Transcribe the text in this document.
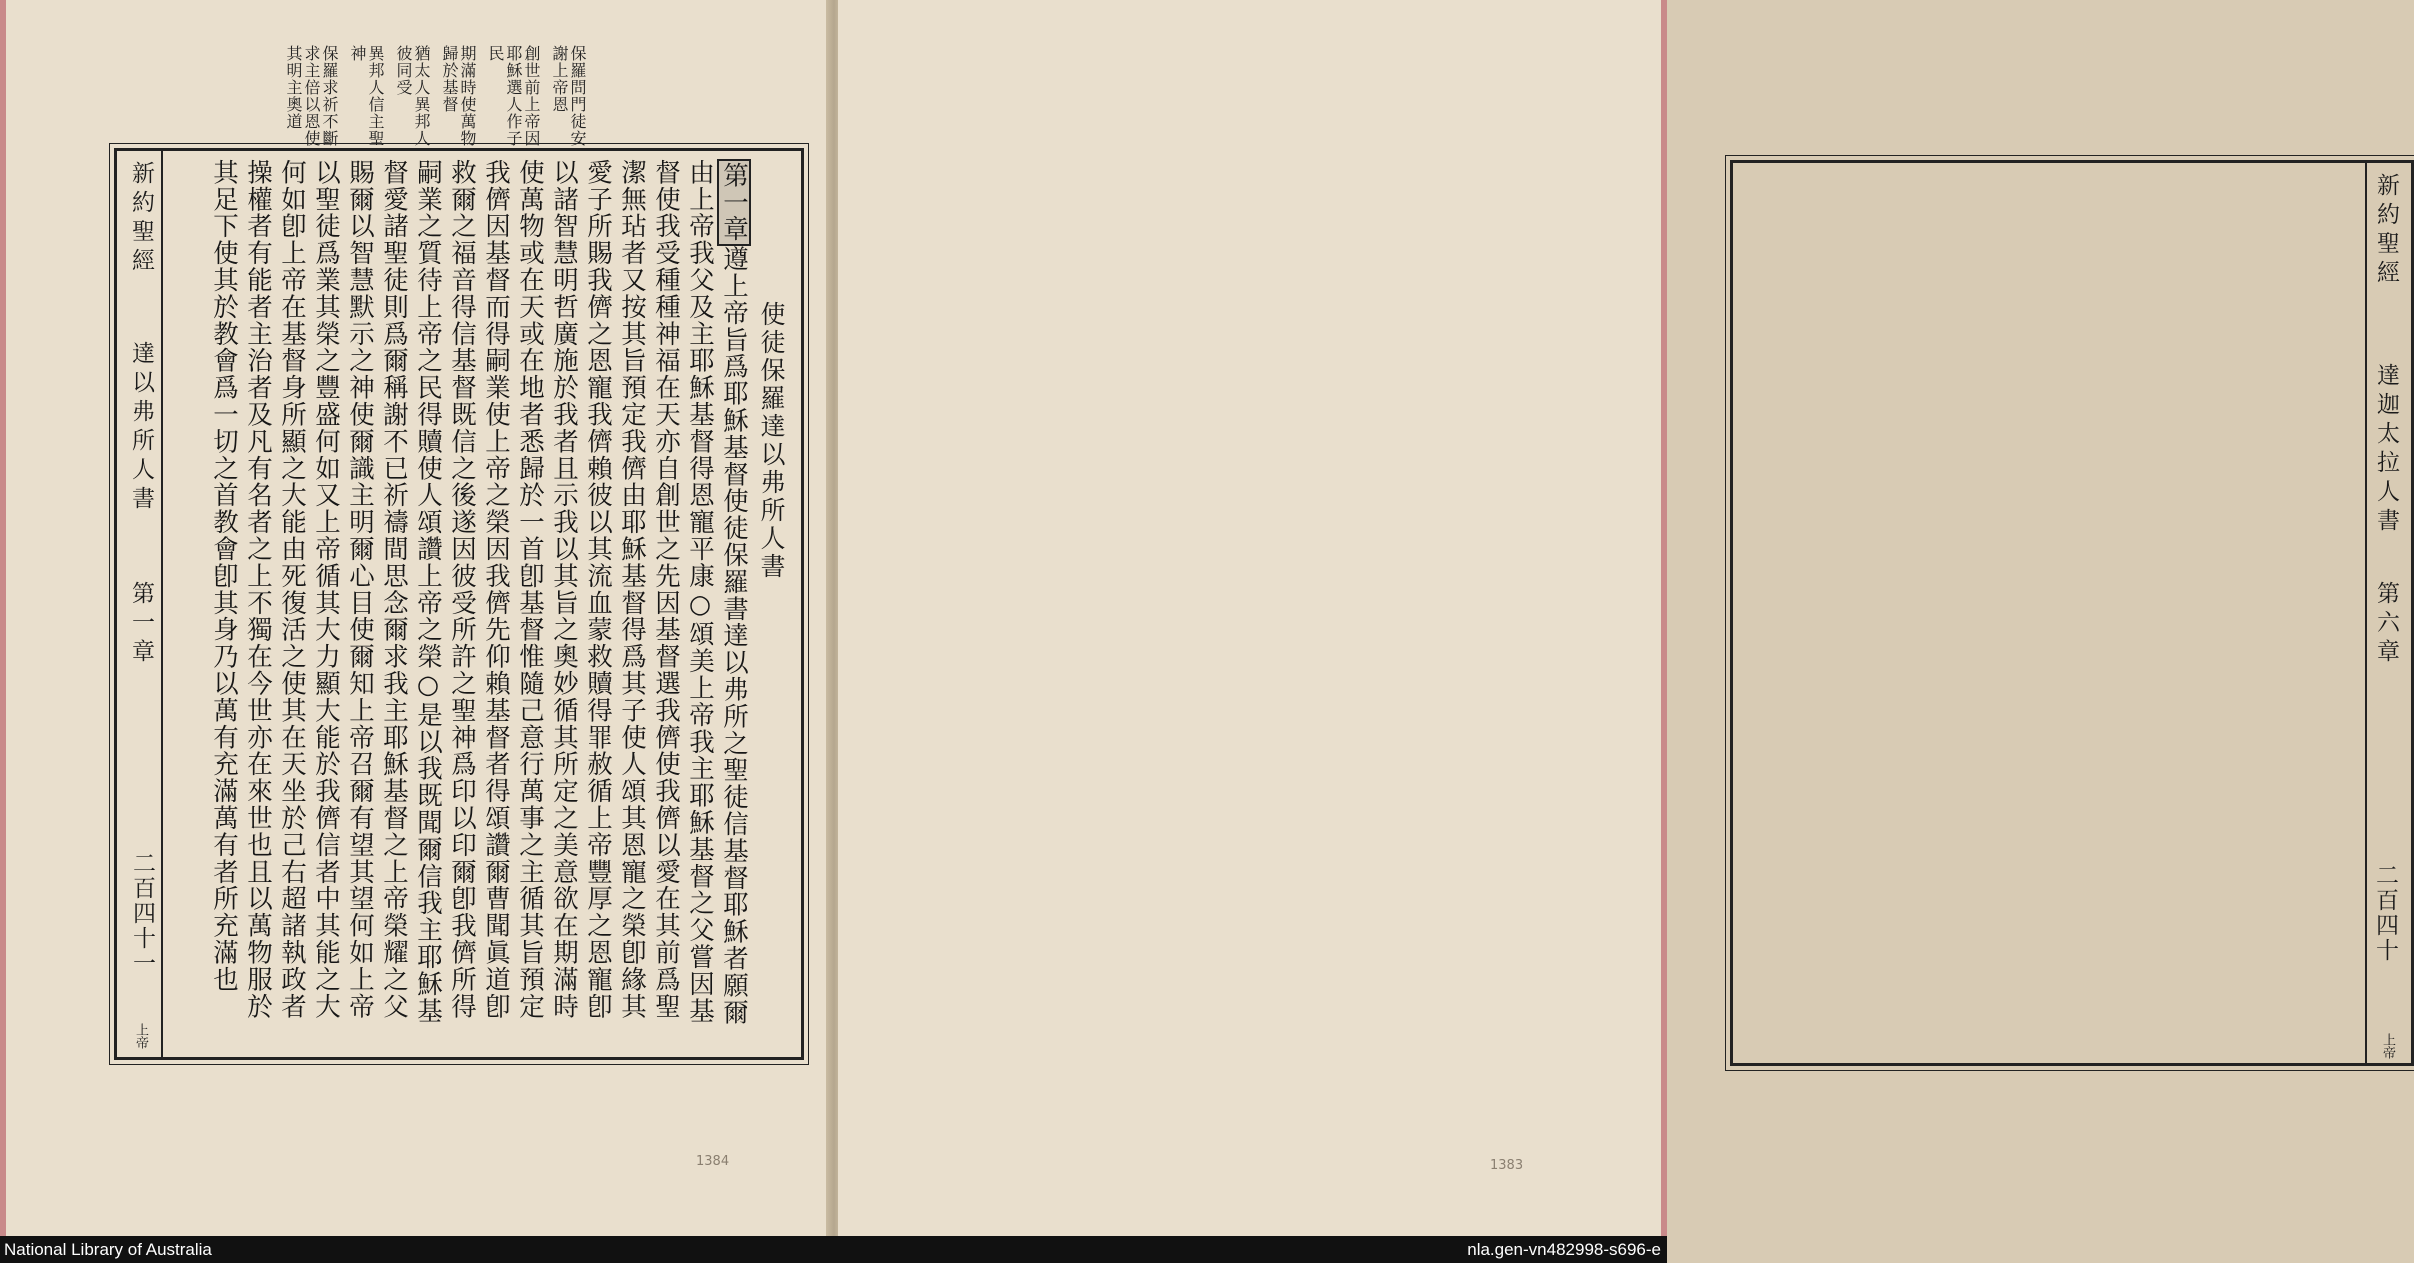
保羅問門徒安謝上帝恩
創世前上帝因耶穌選人作子民
期滿時使萬物歸於基督
猶太人異邦人彼同受
異邦人信主聖神
保羅求祈不斷求主倍以恩使其明主奧道
新約聖經
達以弗所人書
第一章
二百四十一
上帝
使徒保羅達以弗所人書
第一章遵上帝旨爲耶穌基督使徒保羅書達以弗所之聖徒信基督耶穌者願爾由上帝我父及主耶穌基督得恩寵平康○頌美上帝我主耶穌基督之父嘗因基督使我受種種神福在天亦自創世之先因基督選我儕使我儕以愛在其前爲聖潔無玷者又按其旨預定我儕由耶穌基督得爲其子使人頌其恩寵之榮卽緣其愛子所賜我儕之恩寵我儕賴彼以其流血蒙救贖得罪赦循上帝豐厚之恩寵卽以諸智慧明哲廣施於我者且示我以其旨之奧妙循其所定之美意欲在期滿時使萬物或在天或在地者悉歸於一首卽基督惟隨己意行萬事之主循其旨預定我儕因基督而得嗣業使上帝之榮因我儕先仰賴基督者得頌讚爾曹聞眞道卽救爾之福音得信基督既信之後遂因彼受所許之聖神爲印以印爾卽我儕所得嗣業之質待上帝之民得贖使人頌讚上帝之榮○是以我既聞爾信我主耶穌基督愛諸聖徒則爲爾稱謝不已祈禱間思念爾求我主耶穌基督之上帝榮耀之父賜爾以智慧默示之神使爾識主明爾心目使爾知上帝召爾有望其望何如上帝以聖徒爲業其榮之豐盛何如又上帝循其大力顯大能於我儕信者中其能之大何如卽上帝在基督身所顯之大能由死復活之使其在天坐於己右超諸執政者操權者有能者主治者及凡有名者之上不獨在今世亦在來世也且以萬物服於其足下使其於教會爲一切之首教會卽其身乃以萬有充滿萬有者所充滿也
1384
新約聖經
達迦太拉人書
第六章
二百四十
上帝
1383
National Library of Australia	nla.gen-vn482998-s696-e
